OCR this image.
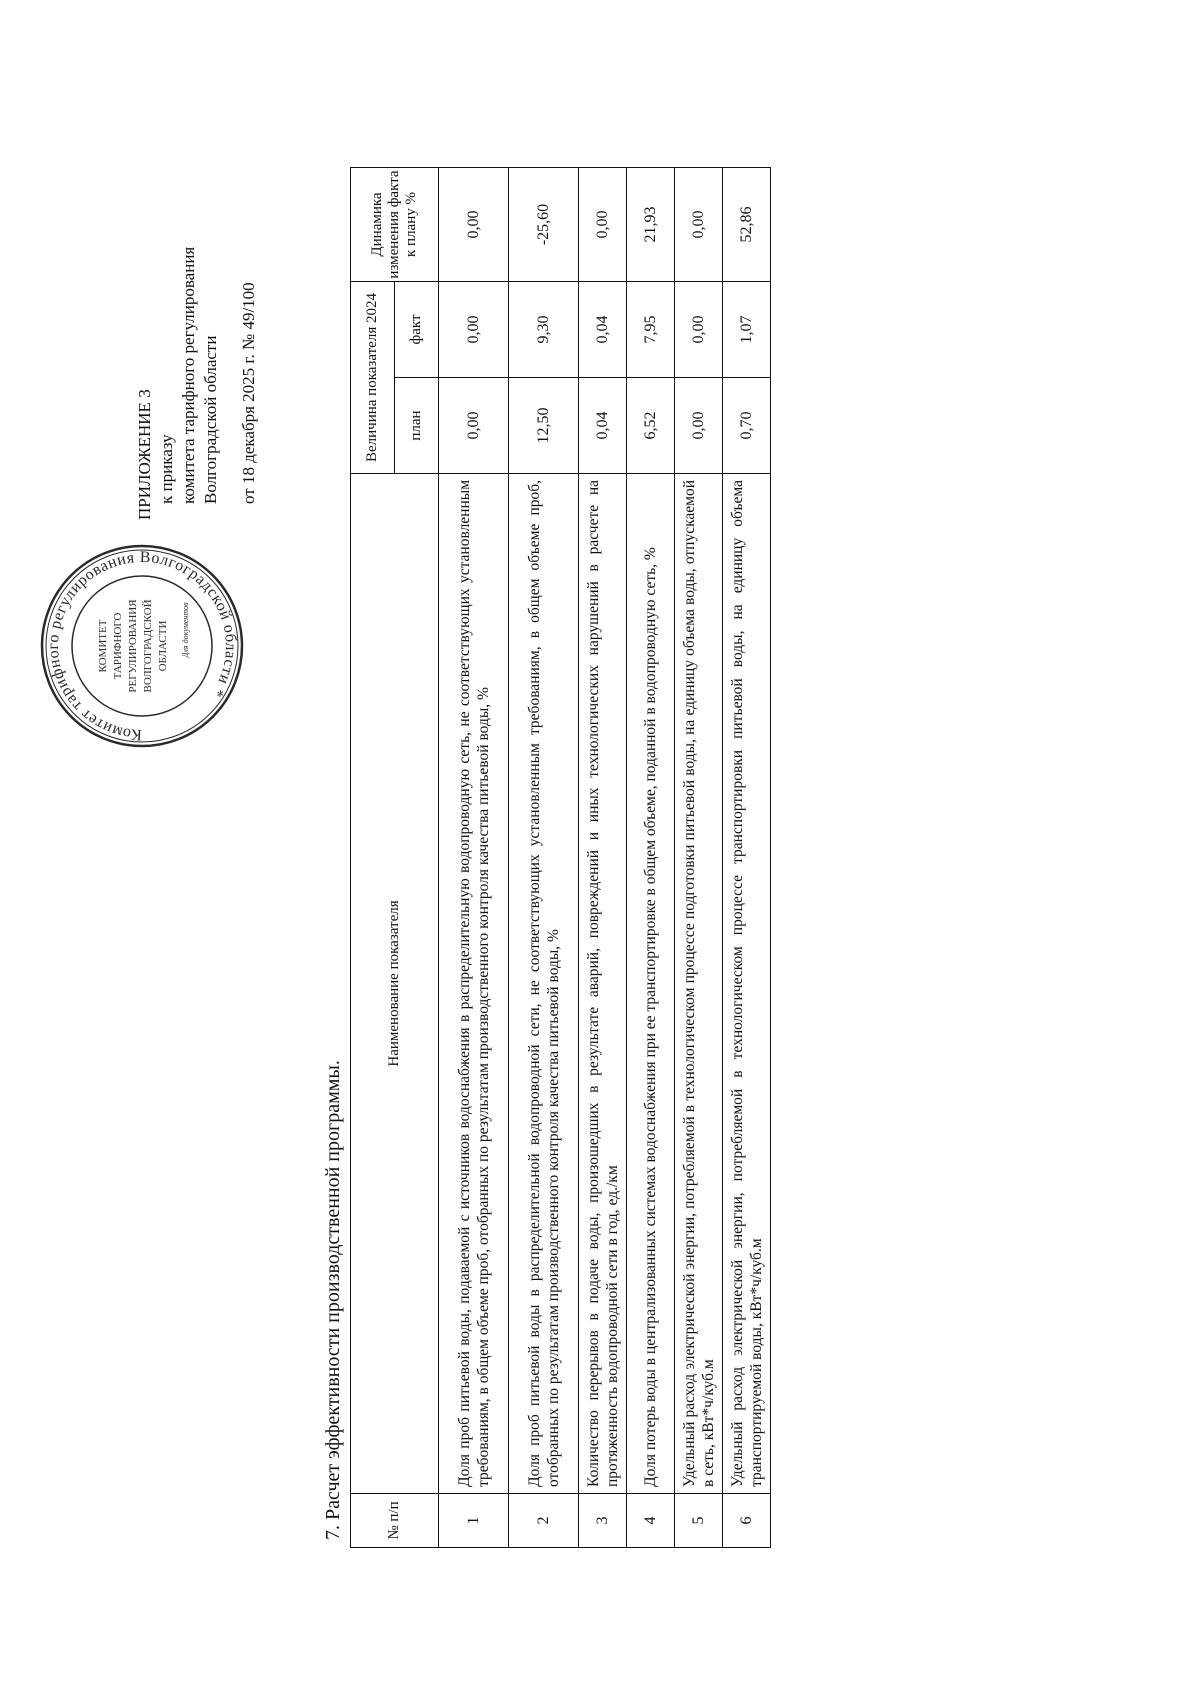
Комитет тарифного регулирования Волгоградской области *
КОМИТЕТ ТАРИФНОГО РЕГУЛИРОВАНИЯ ВОЛГОГРАДСКОЙ ОБЛАСТИ Для документов
ПРИЛОЖЕНИЕ 3 к приказу комитета тарифного регулирования Волгоградской области от 18 декабря 2025 г. № 49/100
7. Расчет эффективности производственной программы.	№ п/п	Наименование показателя	Величина показателя 2024		Динамика изменения факта к плану %
		план	факт	
1	Доля проб питьевой воды, подаваемой с источников водоснабжения в распределительную водопроводную сеть, не соответствующих установленным требованиям, в общем объеме проб, отобранных по результатам производственного контроля качества питьевой воды, %	0,00	0,00	0,00
2	Доля проб питьевой воды в распределительной водопроводной сети, не соответствующих установленным требованиям, в общем объеме проб, отобранных по результатам производственного контроля качества питьевой воды, %	12,50	9,30	-25,60
3	Количество перерывов в подаче воды, произошедших в результате аварий, повреждений и иных технологических нарушений в расчете на протяженность водопроводной сети в год, ед./км	0,04	0,04	0,00
4	Доля потерь воды в централизованных системах водоснабжения при ее транспортировке в общем объеме, поданной в водопроводную сеть, %	6,52	7,95	21,93
5	Удельный расход электрической энергии, потребляемой в технологическом процессе подготовки питьевой воды, на единицу объема воды, отпускаемой в сеть, кВт*ч/куб.м	0,00	0,00	0,00
6	Удельный расход электрической энергии, потребляемой в технологическом процессе транспортировки питьевой воды, на единицу объема транспортируемой воды, кВт*ч/куб.м	0,70	1,07	52,86
